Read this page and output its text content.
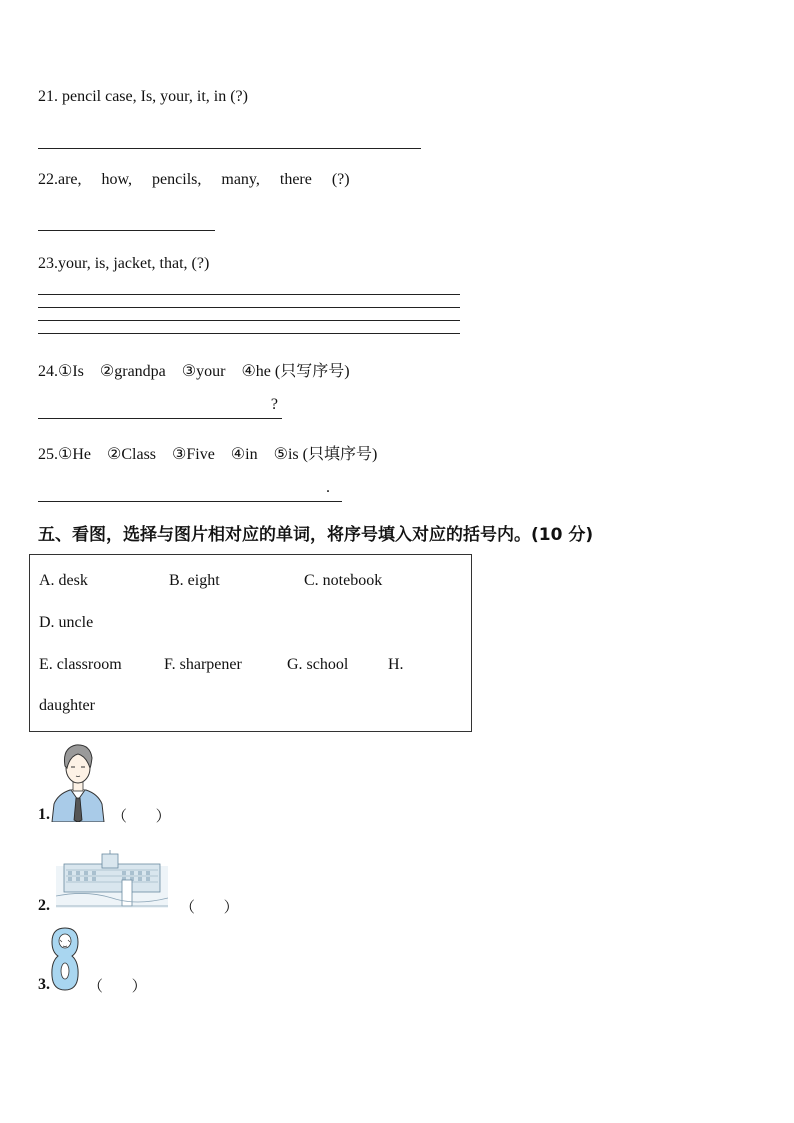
21. pencil case, Is, your, it, in (?)
22.are,     how,     pencils,     many,     there     (?)
23.your, is, jacket, that, (?)
24.①Is    ②grandpa    ③your    ④he (只写序号)
?
25.①He    ②Class    ③Five    ④in    ⑤is (只填序号)
.
五、看图，选择与图片相对应的单词，将序号填入对应的括号内。(10 分)
A. desk	B. eight	C. notebook
D. uncle
E. classroom	F. sharpener	G. school H.
daughter
1.	（      ）
2.	（      ）
3.	（      ）
